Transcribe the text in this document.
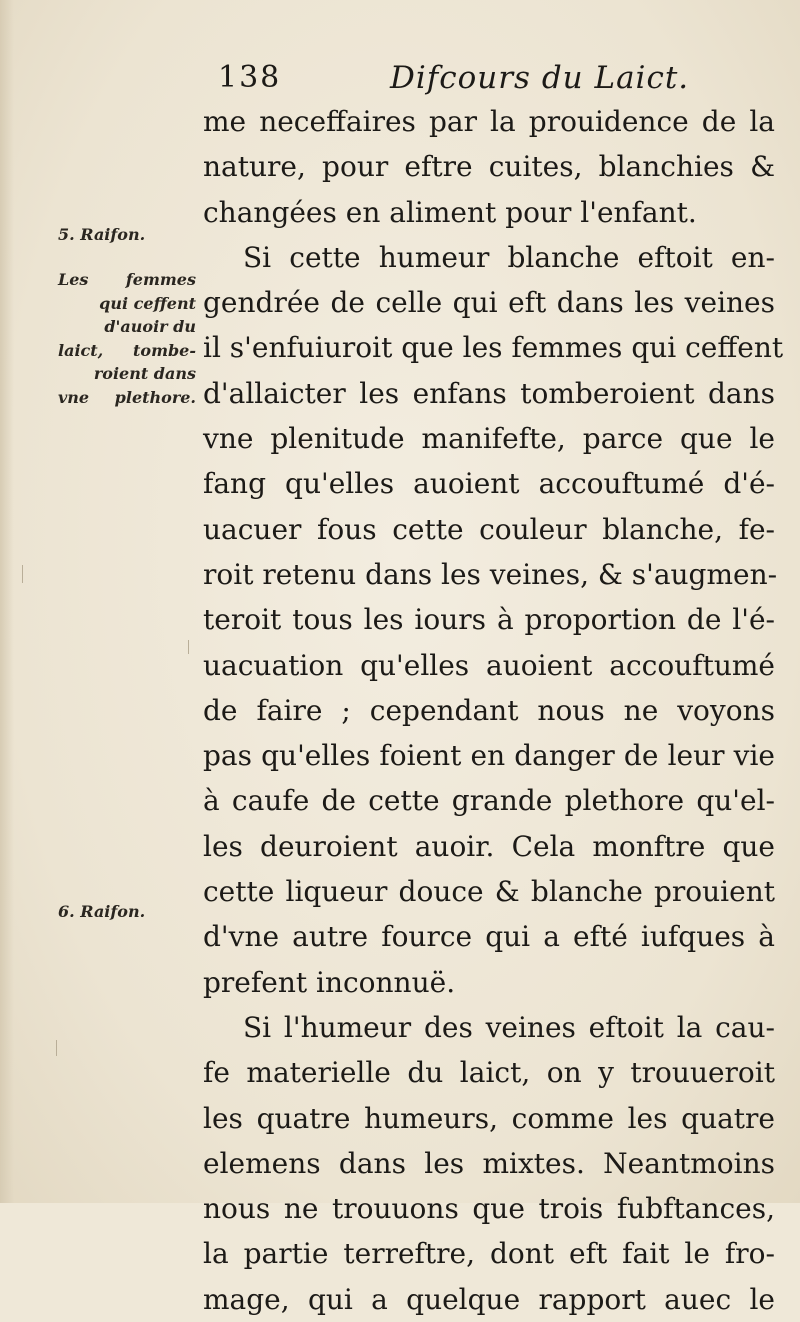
138	Difcours du Laict.
5. Raifon.
Les femmes
qui ceffent
d'auoir du
laict, tombe-
roient dans
vne plethore.
6. Raifon.
me neceffaires par la prouidence de la
nature, pour eftre cuites, blanchies &
changées en aliment pour l'enfant.
Si cette humeur blanche eftoit en-
gendrée de celle qui eft dans les veines
il s'enfuiuroit que les femmes qui ceffent
d'allaicter les enfans tomberoient dans
vne plenitude manifefte, parce que le
fang qu'elles auoient accouftumé d'é-
uacuer fous cette couleur blanche, fe-
roit retenu dans les veines, & s'augmen-
teroit tous les iours à proportion de l'é-
uacuation qu'elles auoient accouftumé
de faire ; cependant nous ne voyons
pas qu'elles foient en danger de leur vie
à caufe de cette grande plethore qu'el-
les deuroient auoir. Cela monftre que
cette liqueur douce & blanche prouient
d'vne autre fource qui a efté iufques à
prefent inconnuë.
Si l'humeur des veines eftoit la cau-
fe materielle du laict, on y trouueroit
les quatre humeurs, comme les quatre
elemens dans les mixtes. Neantmoins
nous ne trouuons que trois fubftances,
la partie terreftre, dont eft fait le fro-
mage, qui a quelque rapport auec le
